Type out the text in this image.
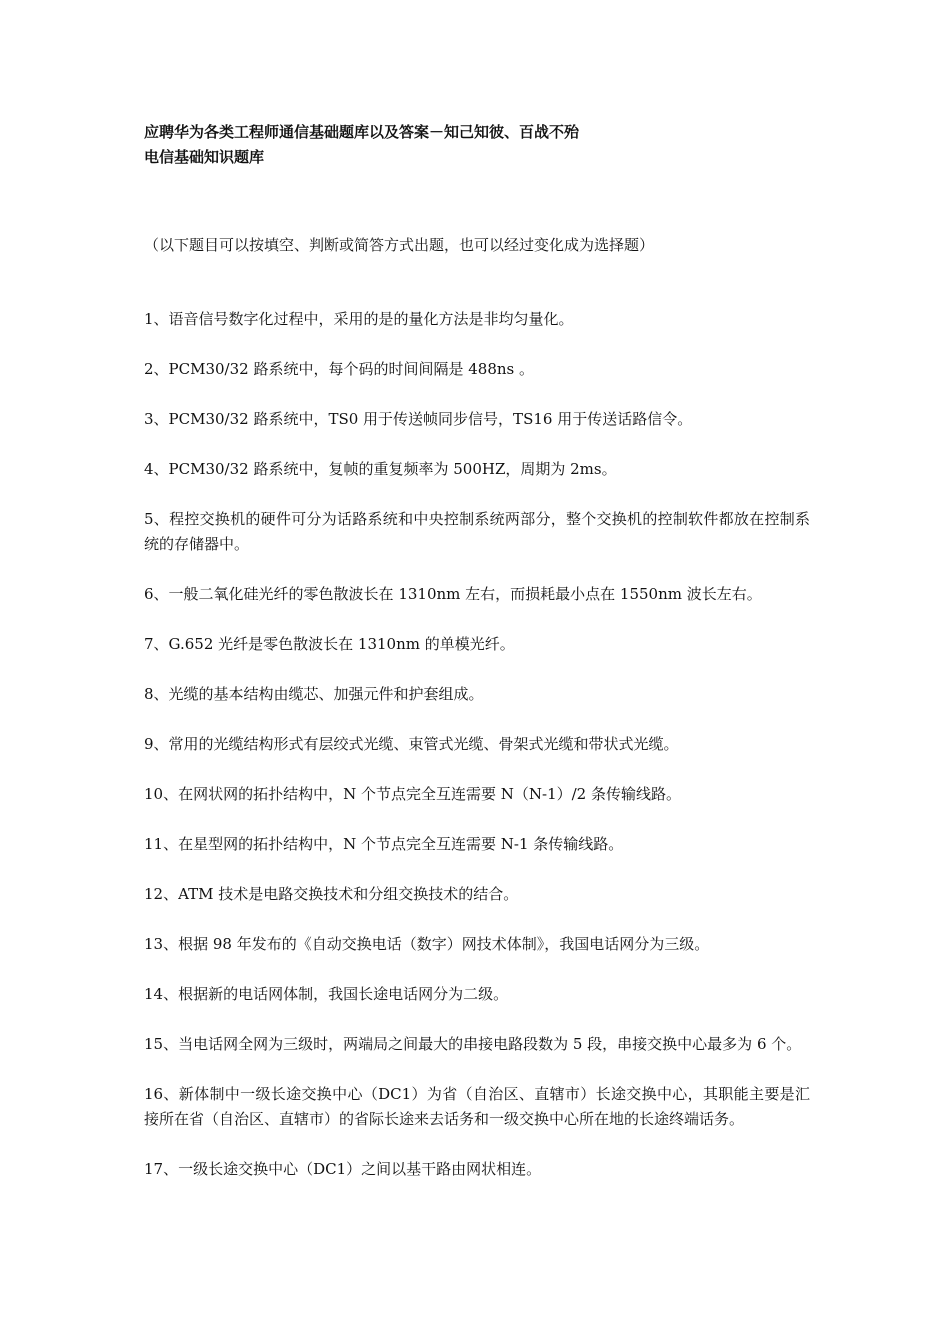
应聘华为各类工程师通信基础题库以及答案－知己知彼、百战不殆

电信基础知识题库

（以下题目可以按填空、判断或简答方式出题，也可以经过变化成为选择题）

1、语音信号数字化过程中，采用的是的量化方法是非均匀量化。
2、PCM30/32 路系统中，每个码的时间间隔是 488ns 。
3、PCM30/32 路系统中，TS0 用于传送帧同步信号，TS16 用于传送话路信令。
4、PCM30/32 路系统中，复帧的重复频率为 500HZ，周期为 2ms。
5、程控交换机的硬件可分为话路系统和中央控制系统两部分，整个交换机的控制软件都放在控制系统的存储器中。
6、一般二氧化硅光纤的零色散波长在 1310nm 左右，而损耗最小点在 1550nm 波长左右。
7、G.652 光纤是零色散波长在 1310nm 的单模光纤。
8、光缆的基本结构由缆芯、加强元件和护套组成。
9、常用的光缆结构形式有层绞式光缆、束管式光缆、骨架式光缆和带状式光缆。
10、在网状网的拓扑结构中，N 个节点完全互连需要 N（N-1）/2 条传输线路。
11、在星型网的拓扑结构中，N 个节点完全互连需要 N-1 条传输线路。
12、ATM 技术是电路交换技术和分组交换技术的结合。
13、根据 98 年发布的《自动交换电话（数字）网技术体制》，我国电话网分为三级。
14、根据新的电话网体制，我国长途电话网分为二级。
15、当电话网全网为三级时，两端局之间最大的串接电路段数为 5 段，串接交换中心最多为 6 个。
16、新体制中一级长途交换中心（DC1）为省（自治区、直辖市）长途交换中心，其职能主要是汇接所在省（自治区、直辖市）的省际长途来去话务和一级交换中心所在地的长途终端话务。
17、一级长途交换中心（DC1）之间以基干路由网状相连。
